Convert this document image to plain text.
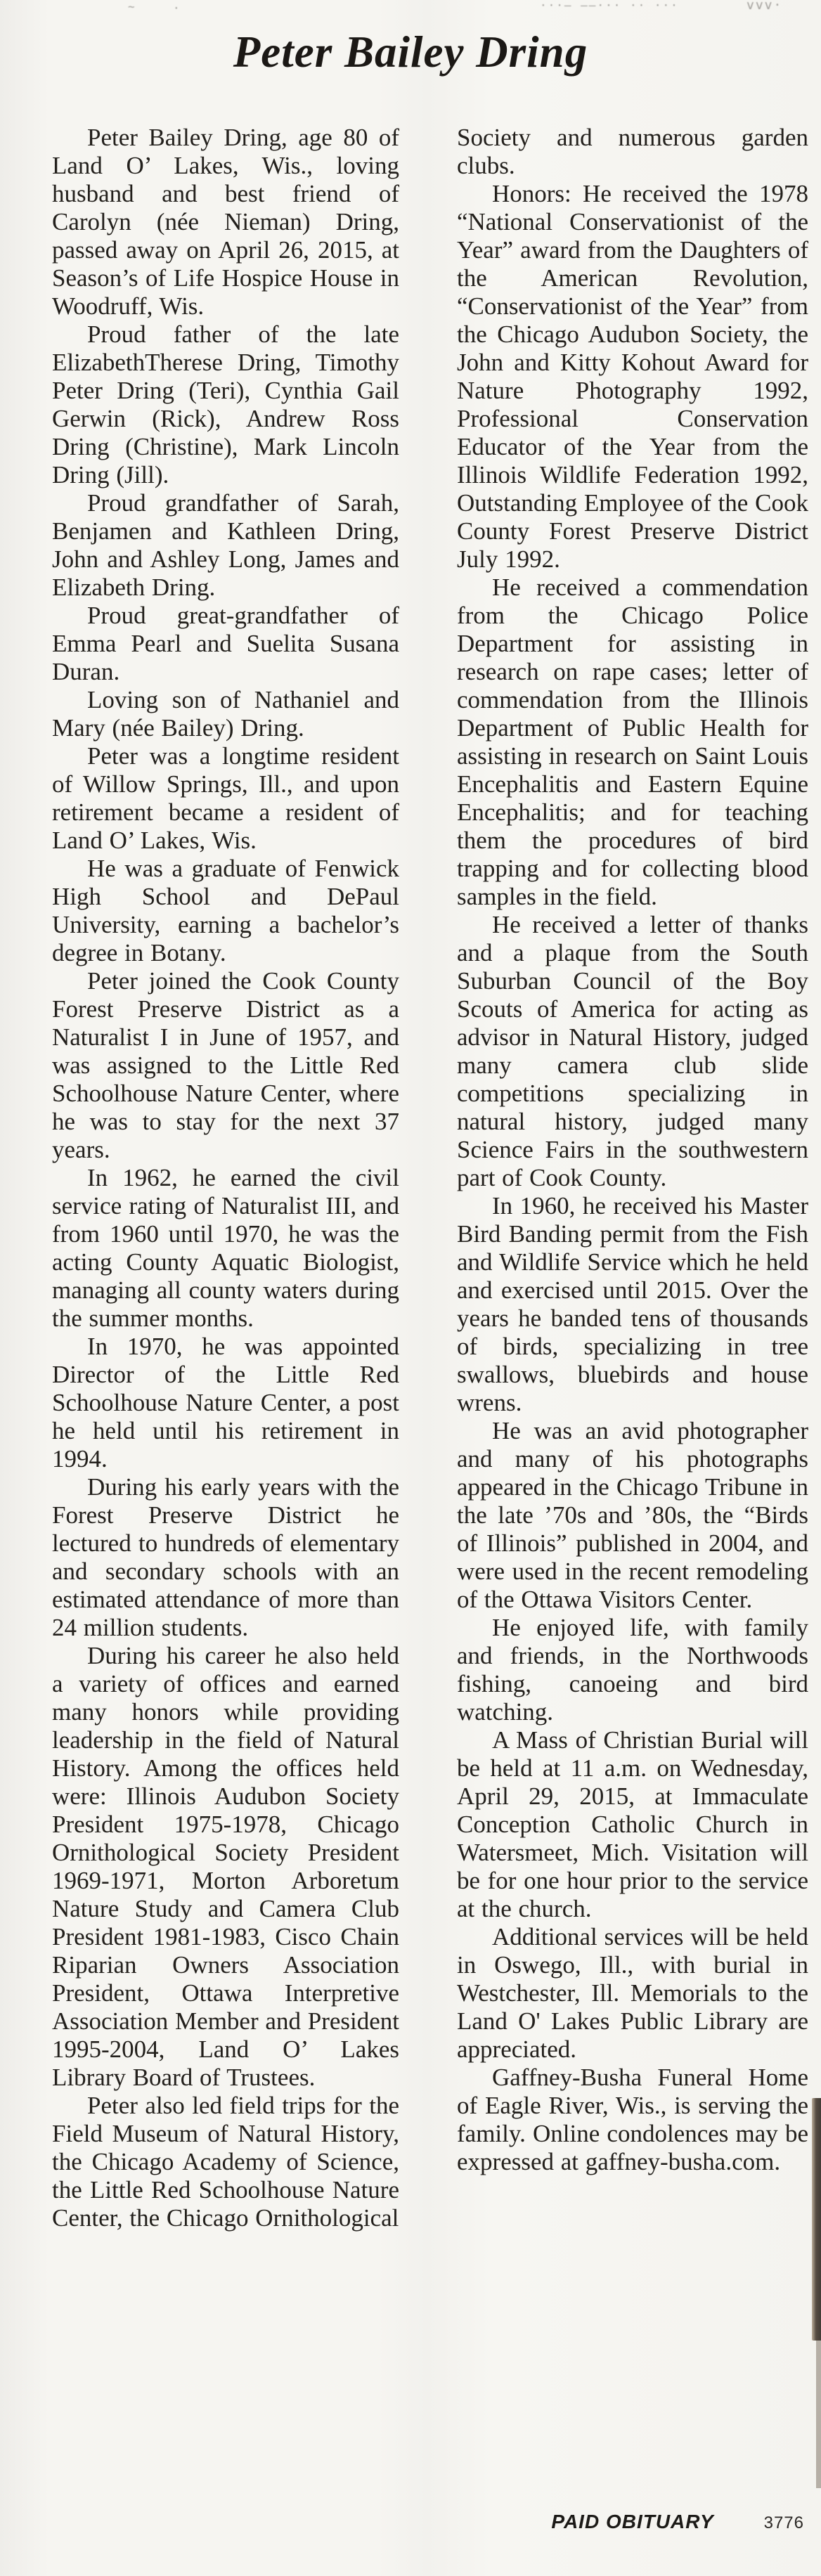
~	·	···– ––··· ·· ···	vvv·
Peter Bailey Dring

Peter Bailey Dring, age 80 of Land O’ Lakes, Wis., loving husband and best friend of Carolyn (née Nieman) Dring, passed away on April 26, 2015, at Season’s of Life Hospice House in Woodruff, Wis.

Proud father of the late ElizabethTherese Dring, Timothy Peter Dring (Teri), Cynthia Gail Gerwin (Rick), Andrew Ross Dring (Christine), Mark Lincoln Dring (Jill).

Proud grandfather of Sarah, Benjamen and Kathleen Dring, John and Ashley Long, James and Elizabeth Dring.

Proud great-grandfather of Emma Pearl and Suelita Susana Duran.

Loving son of Nathaniel and Mary (née Bailey) Dring.

Peter was a longtime resident of Willow Springs, Ill., and upon retirement became a resident of Land O’ Lakes, Wis.

He was a graduate of Fenwick High School and DePaul University, earning a bachelor’s degree in Botany.

Peter joined the Cook County Forest Preserve District as a Naturalist I in June of 1957, and was assigned to the Little Red Schoolhouse Nature Center, where he was to stay for the next 37 years.

In 1962, he earned the civil service rating of Naturalist III, and from 1960 until 1970, he was the acting County Aquatic Biologist, managing all county waters during the summer months.

In 1970, he was appointed Director of the Little Red Schoolhouse Nature Center, a post he held until his retirement in 1994.

During his early years with the Forest Preserve District he lectured to hundreds of elementary and secondary schools with an estimated attendance of more than 24 million students.

During his career he also held a variety of offices and earned many honors while providing leadership in the field of Natural History. Among the offices held were: Illinois Audubon Society President 1975-1978, Chicago Ornithological Society President 1969-1971, Morton Arboretum Nature Study and Camera Club President 1981-1983, Cisco Chain Riparian Owners Association President, Ottawa Interpretive Association Member and President 1995-2004, Land O’ Lakes Library Board of Trustees.

Peter also led field trips for the Field Museum of Natural History, the Chicago Academy of Science, the Little Red Schoolhouse Nature Center, the Chicago Ornithological

Society and numerous garden clubs.

Honors: He received the 1978 “National Conservationist of the Year” award from the Daughters of the American Revolution, “Conservationist of the Year” from the Chicago Audubon Society, the John and Kitty Kohout Award for Nature Photography 1992, Professional Conservation Educator of the Year from the Illinois Wildlife Federation 1992, Outstanding Employee of the Cook County Forest Preserve District July 1992.

He received a commendation from the Chicago Police Department for assisting in research on rape cases; letter of commendation from the Illinois Department of Public Health for assisting in research on Saint Louis Encephalitis and Eastern Equine Encephalitis; and for teaching them the procedures of bird trapping and for collecting blood samples in the field.

He received a letter of thanks and a plaque from the South Suburban Council of the Boy Scouts of America for acting as advisor in Natural History, judged many camera club slide competitions specializing in natural history, judged many Science Fairs in the southwestern part of Cook County.

In 1960, he received his Master Bird Banding permit from the Fish and Wildlife Service which he held and exercised until 2015. Over the years he banded tens of thousands of birds, specializing in tree swallows, bluebirds and house wrens.

He was an avid photographer and many of his photographs appeared in the Chicago Tribune in the late ’70s and ’80s, the “Birds of Illinois” published in 2004, and were used in the recent remodeling of the Ottawa Visitors Center.

He enjoyed life, with family and friends, in the Northwoods fishing, canoeing and bird watching.

A Mass of Christian Burial will be held at 11 a.m. on Wednesday, April 29, 2015, at Immaculate Conception Catholic Church in Watersmeet, Mich. Visitation will be for one hour prior to the service at the church.

Additional services will be held in Oswego, Ill., with burial in Westchester, Ill. Memorials to the Land O' Lakes Public Library are appreciated.

Gaffney-Busha Funeral Home of Eagle River, Wis., is serving the family. Online condolences may be expressed at gaffney-busha.com.

PAID OBITUARY	3776
